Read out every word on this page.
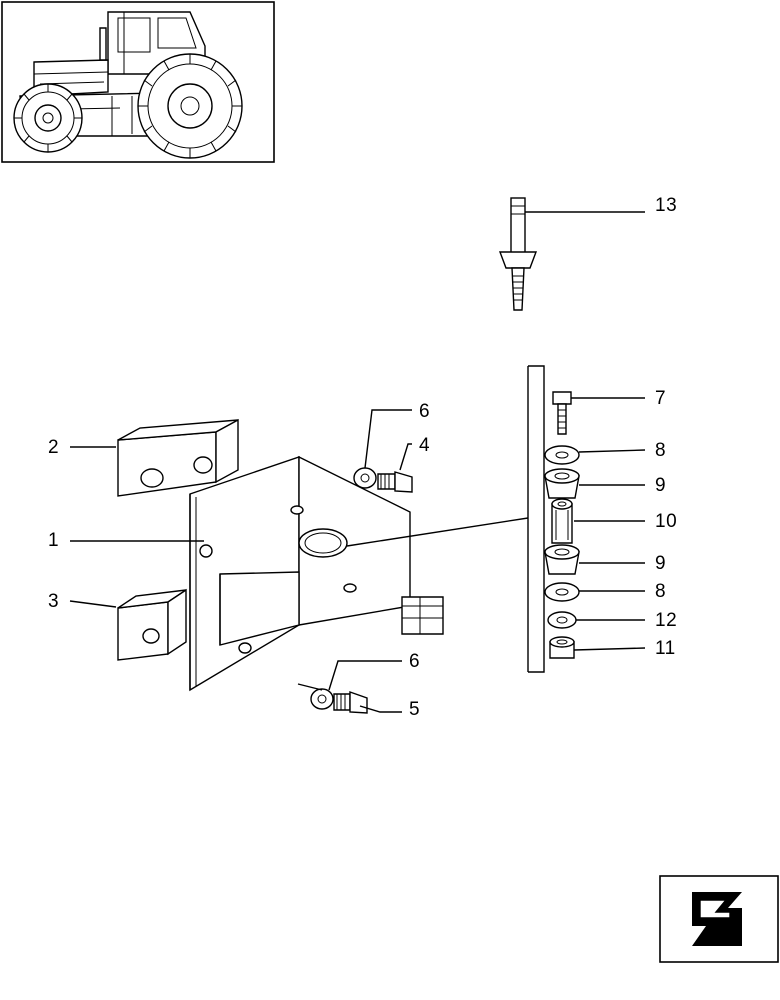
1
2
3
4
5
6
6
7
8
9
10
9
8
12
11
13
